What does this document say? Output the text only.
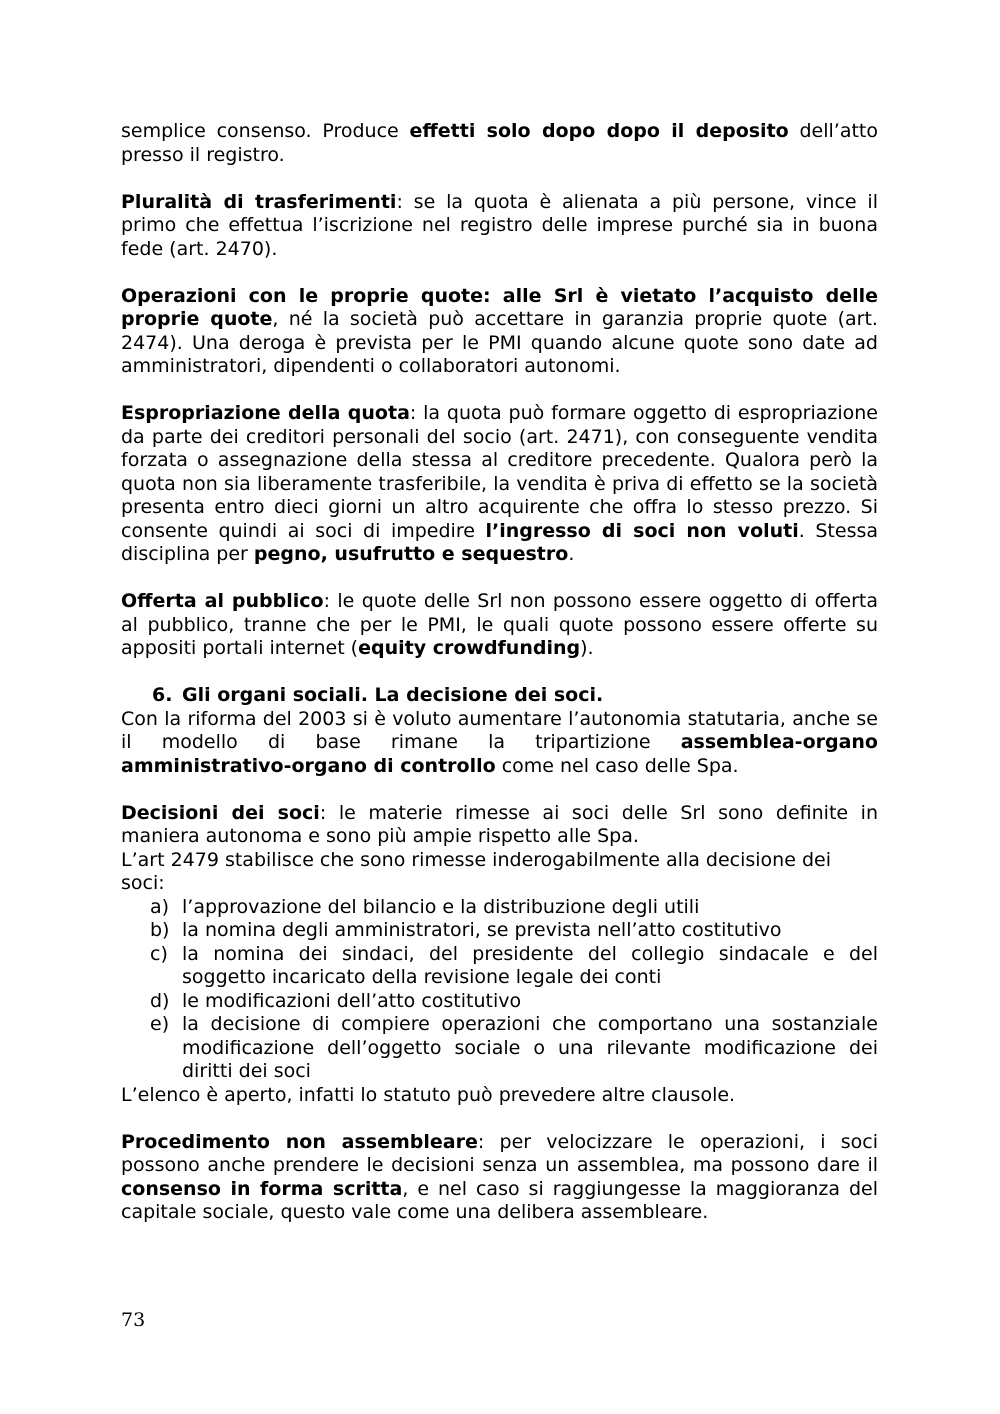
semplice consenso. Produce effetti solo dopo dopo il deposito dell’atto presso il registro.

Pluralità di trasferimenti: se la quota è alienata a più persone, vince il primo che effettua l’iscrizione nel registro delle imprese purché sia in buona fede (art. 2470).

Operazioni con le proprie quote: alle Srl è vietato l’acquisto delle proprie quote, né la società può accettare in garanzia proprie quote (art. 2474). Una deroga è prevista per le PMI quando alcune quote sono date ad amministratori, dipendenti o collaboratori autonomi.

Espropriazione della quota: la quota può formare oggetto di espropriazione da parte dei creditori personali del socio (art. 2471), con conseguente vendita forzata o assegnazione della stessa al creditore precedente. Qualora però la quota non sia liberamente trasferibile, la vendita è priva di effetto se la società presenta entro dieci giorni un altro acquirente che offra lo stesso prezzo. Si consente quindi ai soci di impedire l’ingresso di soci non voluti. Stessa disciplina per pegno, usufrutto e sequestro.

Offerta al pubblico: le quote delle Srl non possono essere oggetto di offerta al pubblico, tranne che per le PMI, le quali quote possono essere offerte su appositi portali internet (equity crowdfunding).

6. Gli organi sociali. La decisione dei soci.

Con la riforma del 2003 si è voluto aumentare l’autonomia statutaria, anche se il modello di base rimane la tripartizione assemblea-organo amministrativo-organo di controllo come nel caso delle Spa.

Decisioni dei soci: le materie rimesse ai soci delle Srl sono definite in maniera autonoma e sono più ampie rispetto alle Spa.

L’art 2479 stabilisce che sono rimesse inderogabilmente alla decisione dei soci:

a) l’approvazione del bilancio e la distribuzione degli utili
b) la nomina degli amministratori, se prevista nell’atto costitutivo
c) la nomina dei sindaci, del presidente del collegio sindacale e del soggetto incaricato della revisione legale dei conti
d) le modificazioni dell’atto costitutivo
e) la decisione di compiere operazioni che comportano una sostanziale modificazione dell’oggetto sociale o una rilevante modificazione dei diritti dei soci

L’elenco è aperto, infatti lo statuto può prevedere altre clausole.

Procedimento non assembleare: per velocizzare le operazioni, i soci possono anche prendere le decisioni senza un assemblea, ma possono dare il consenso in forma scritta, e nel caso si raggiungesse la maggioranza del capitale sociale, questo vale come una delibera assembleare.

73
